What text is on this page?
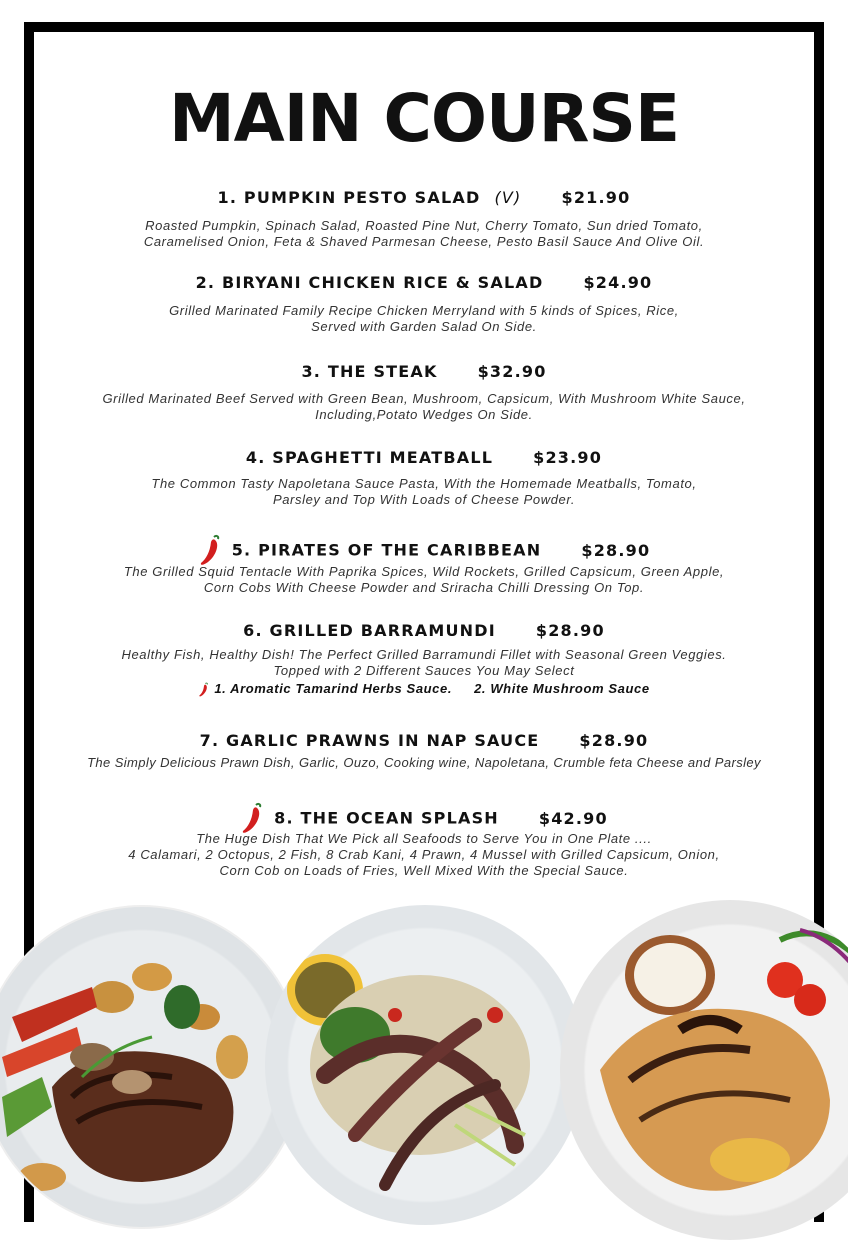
MAIN COURSE
1. PUMPKIN PESTO SALAD (V)	$21.90
Roasted Pumpkin, Spinach Salad, Roasted Pine Nut, Cherry Tomato, Sun dried Tomato,
Caramelised Onion, Feta & Shaved Parmesan Cheese, Pesto Basil Sauce And Olive Oil.
2. BIRYANI CHICKEN RICE & SALAD	$24.90
Grilled Marinated Family Recipe Chicken Merryland with 5 kinds of Spices, Rice,
Served with Garden Salad On Side.
3. THE STEAK	$32.90
Grilled Marinated Beef Served with Green Bean, Mushroom, Capsicum, With Mushroom White Sauce,
Including,Potato Wedges On Side.
4. SPAGHETTI MEATBALL	$23.90
The Common Tasty Napoletana Sauce Pasta, With the Homemade Meatballs, Tomato,
Parsley and Top With Loads of Cheese Powder.
5. PIRATES OF THE CARIBBEAN	$28.90
The Grilled Squid Tentacle With Paprika Spices, Wild Rockets, Grilled Capsicum, Green Apple,
Corn Cobs With Cheese Powder and Sriracha Chilli Dressing On Top.
6. GRILLED BARRAMUNDI	$28.90
Healthy Fish, Healthy Dish! The Perfect Grilled Barramundi Fillet with Seasonal Green Veggies.
Topped with 2 Different Sauces You May Select
1. Aromatic Tamarind Herbs Sauce. 2. White Mushroom Sauce
7. GARLIC PRAWNS IN NAP SAUCE	$28.90
The Simply Delicious Prawn Dish, Garlic, Ouzo, Cooking wine, Napoletana, Crumble feta Cheese and Parsley
8. THE OCEAN SPLASH	$42.90
The Huge Dish That We Pick all Seafoods to Serve You in One Plate ....
4 Calamari, 2 Octopus, 2 Fish, 8 Crab Kani, 4 Prawn, 4 Mussel with Grilled Capsicum, Onion,
Corn Cob on Loads of Fries, Well Mixed With the Special Sauce.
